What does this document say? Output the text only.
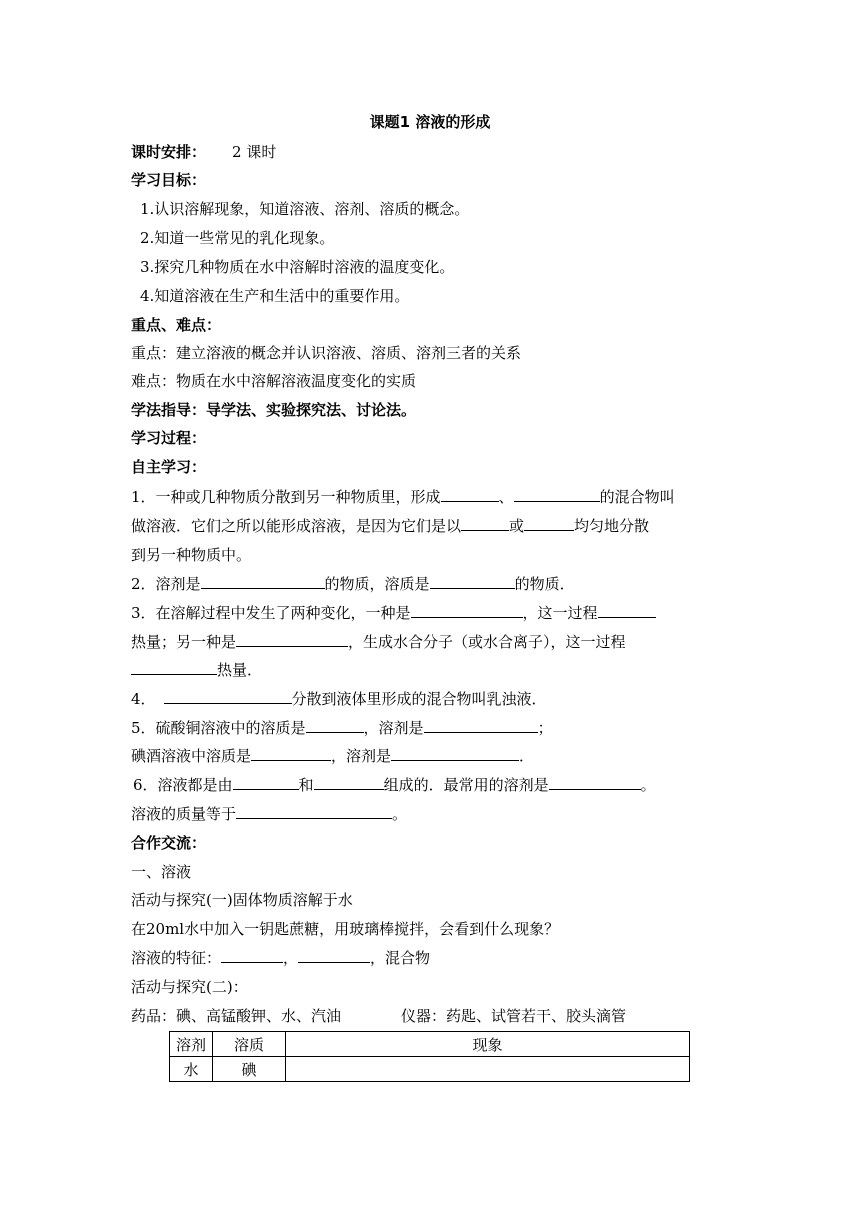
课题1 溶液的形成
课时安排： 2 课时
学习目标：
1.认识溶解现象，知道溶液、溶剂、溶质的概念。
2.知道一些常见的乳化现象。
3.探究几种物质在水中溶解时溶液的温度变化。
4.知道溶液在生产和生活中的重要作用。
重点、难点：
重点：建立溶液的概念并认识溶液、溶质、溶剂三者的关系
难点：物质在水中溶解溶液温度变化的实质
学法指导：导学法、实验探究法、讨论法。
学习过程：
自主学习：
1．一种或几种物质分散到另一种物质里，形成	、	的混合物叫
做溶液．它们之所以能形成溶液，是因为它们是以	或	均匀地分散
到另一种物质中。
2．溶剂是	的物质，溶质是	的物质．
3．在溶解过程中发生了两种变化，一种是	，这一过程
热量；另一种是	，生成水合分子（或水合离子），这一过程
热量．
4．	分散到液体里形成的混合物叫乳浊液．
5．硫酸铜溶液中的溶质是	，溶剂是	；
碘酒溶液中溶质是	，溶剂是	．
6．溶液都是由	和	组成的．最常用的溶剂是	。
溶液的质量等于	。
合作交流：
一、溶液
活动与探究(一)固体物质溶解于水
在20ml水中加入一钥匙蔗糖，用玻璃棒搅拌，会看到什么现象？
溶液的特征：	，	，混合物
活动与探究(二)：
药品：碘、高锰酸钾、水、汽油	仪器：药匙、试管若干、胶头滴管
溶剂	溶质	现象
水	碘	
